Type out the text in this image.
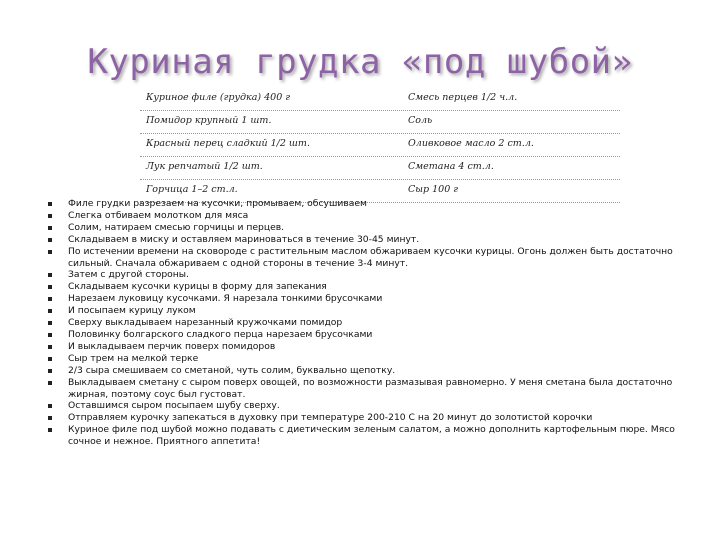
Куриная грудка «под шубой»
Куриное филе (грудка) 400 г	Смесь перцев 1/2 ч.л.
Помидор крупный 1 шт.	Соль
Красный перец сладкий 1/2 шт.	Оливковое масло 2 ст.л.
Лук репчатый 1/2 шт.	Сметана 4 ст.л.
Горчица 1–2 ст.л.	Сыр 100 г
Филе грудки разрезаем на кусочки, промываем, обсушиваем
Слегка отбиваем молотком для мяса
Солим, натираем смесью горчицы и перцев.
Складываем в миску и оставляем мариноваться в течение 30-45 минут.
По истечении времени на сковороде с растительным маслом обжариваем кусочки курицы. Огонь должен быть достаточно сильный. Сначала обжариваем с одной стороны в течение 3-4 минут.
Затем с другой стороны.
Складываем кусочки курицы в форму для запекания
Нарезаем луковицу кусочками. Я нарезала тонкими брусочками
И посыпаем курицу луком
Сверху выкладываем нарезанный кружочками помидор
Половинку болгарского сладкого перца нарезаем брусочками
И выкладываем перчик поверх помидоров
Сыр трем на мелкой терке
2/3 сыра смешиваем со сметаной, чуть солим, буквально щепотку.
Выкладываем сметану с сыром поверх овощей, по возможности размазывая равномерно. У меня сметана была достаточно жирная, поэтому соус был густоват.
Оставшимся сыром посыпаем шубу сверху.
Отправляем курочку запекаться в духовку при температуре 200-210 С на 20 минут до золотистой корочки
Куриное филе под шубой можно подавать с диетическим зеленым салатом, а можно дополнить картофельным пюре. Мясо сочное и нежное. Приятного аппетита!
